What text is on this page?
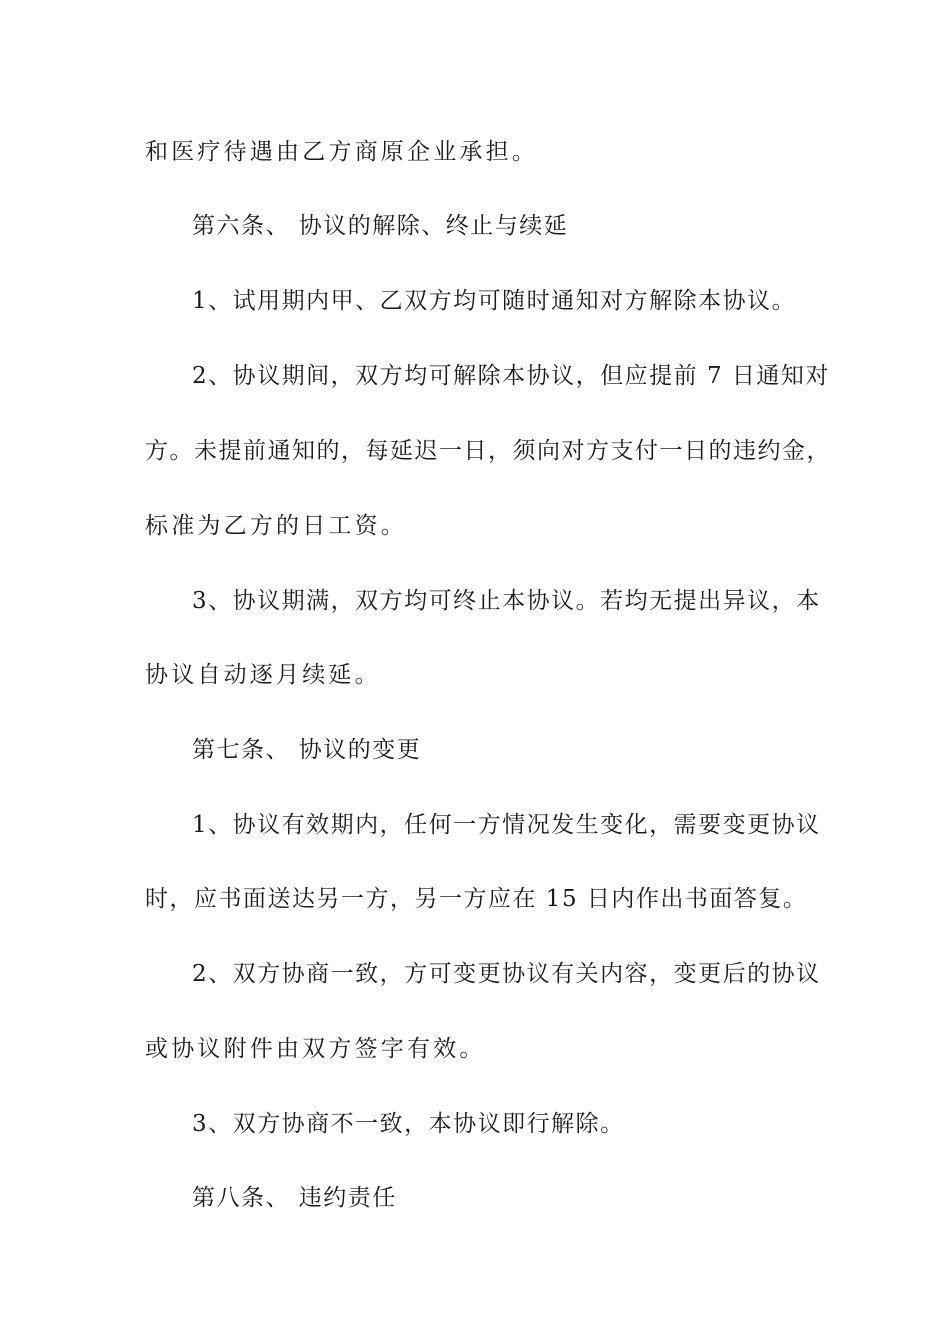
和医疗待遇由乙方商原企业承担。
第六条、 协议的解除、终止与续延
1、试用期内甲、乙双方均可随时通知对方解除本协议。
2、协议期间，双方均可解除本协议，但应提前 7 日通知对
方。未提前通知的，每延迟一日，须向对方支付一日的违约金，
标准为乙方的日工资。
3、协议期满，双方均可终止本协议。若均无提出异议，本
协议自动逐月续延。
第七条、 协议的变更
1、协议有效期内，任何一方情况发生变化，需要变更协议
时，应书面送达另一方，另一方应在 15 日内作出书面答复。
2、双方协商一致，方可变更协议有关内容，变更后的协议
或协议附件由双方签字有效。
3、双方协商不一致，本协议即行解除。
第八条、 违约责任
